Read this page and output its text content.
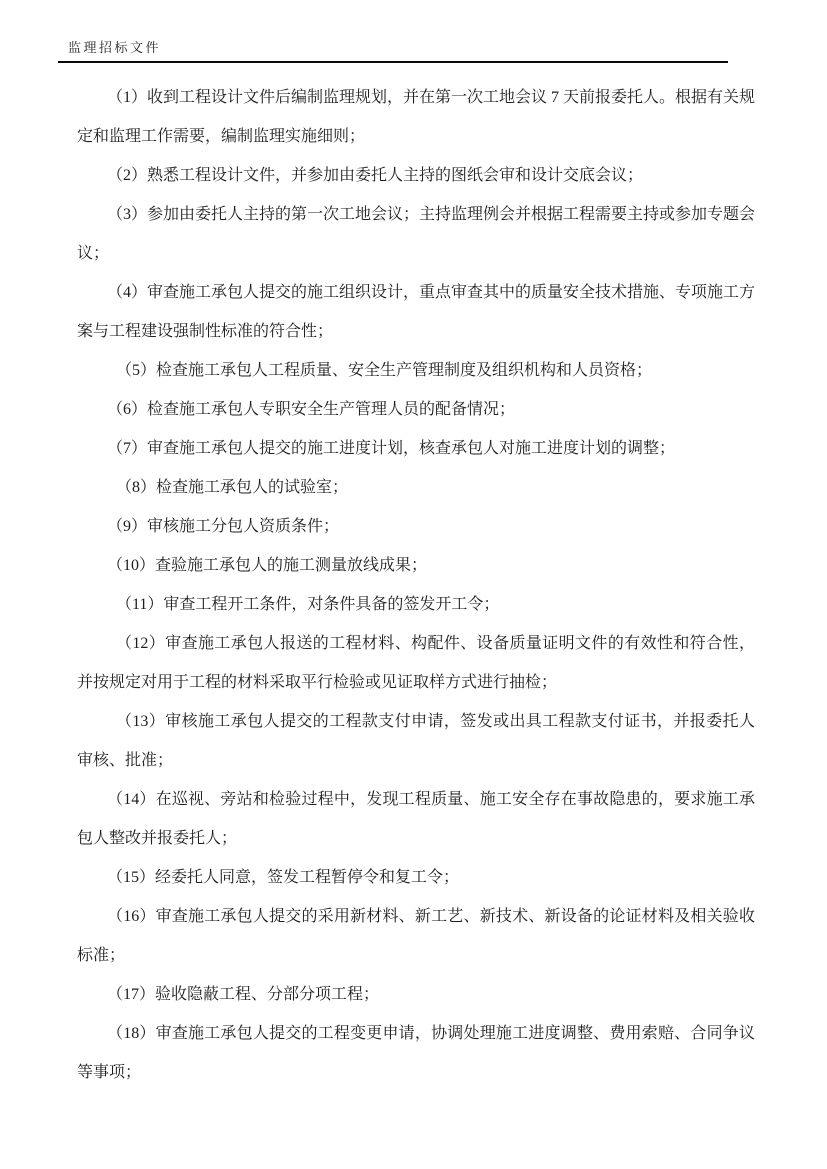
监理招标文件

（1）收到工程设计文件后编制监理规划，并在第一次工地会议 7 天前报委托人。根据有关规定和监理工作需要，编制监理实施细则；

（2）熟悉工程设计文件，并参加由委托人主持的图纸会审和设计交底会议；

（3）参加由委托人主持的第一次工地会议；主持监理例会并根据工程需要主持或参加专题会议；

（4）审查施工承包人提交的施工组织设计，重点审查其中的质量安全技术措施、专项施工方案与工程建设强制性标准的符合性；

（5）检查施工承包人工程质量、安全生产管理制度及组织机构和人员资格；

（6）检查施工承包人专职安全生产管理人员的配备情况；

（7）审查施工承包人提交的施工进度计划，核查承包人对施工进度计划的调整；

（8）检查施工承包人的试验室；

（9）审核施工分包人资质条件；

（10）查验施工承包人的施工测量放线成果；

（11）审查工程开工条件，对条件具备的签发开工令；

（12）审查施工承包人报送的工程材料、构配件、设备质量证明文件的有效性和符合性，并按规定对用于工程的材料采取平行检验或见证取样方式进行抽检；

（13）审核施工承包人提交的工程款支付申请，签发或出具工程款支付证书，并报委托人审核、批准；

（14）在巡视、旁站和检验过程中，发现工程质量、施工安全存在事故隐患的，要求施工承包人整改并报委托人；

（15）经委托人同意，签发工程暂停令和复工令；

（16）审查施工承包人提交的采用新材料、新工艺、新技术、新设备的论证材料及相关验收标准；

（17）验收隐蔽工程、分部分项工程；

（18）审查施工承包人提交的工程变更申请，协调处理施工进度调整、费用索赔、合同争议等事项；
